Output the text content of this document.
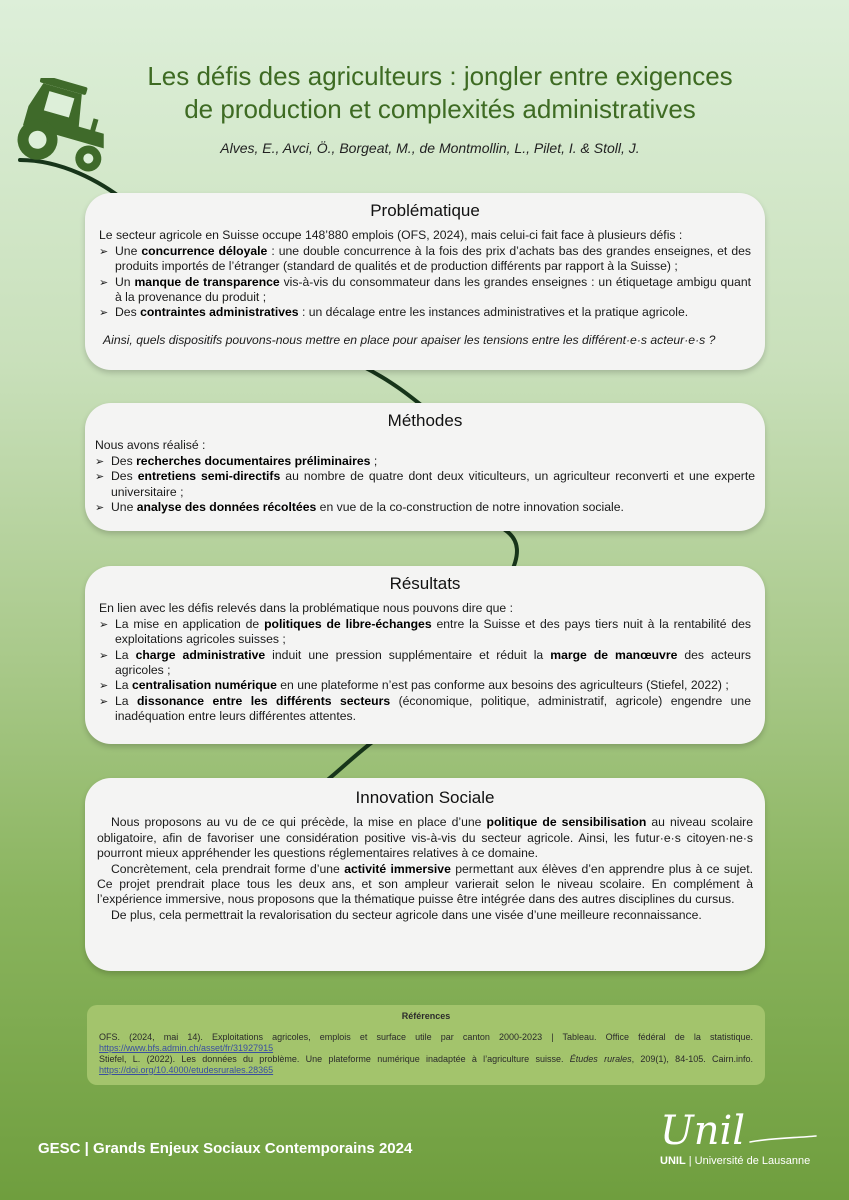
Les défis des agriculteurs : jongler entre exigences
de production et complexités administratives
Alves, E., Avci, Ö., Borgeat, M., de Montmollin, L., Pilet, I. & Stoll, J.
Problématique

Le secteur agricole en Suisse occupe 148’880 emplois (OFS, 2024), mais celui-ci fait face à plusieurs défis :

➢ Une concurrence déloyale : une double concurrence à la fois des prix d’achats bas des grandes enseignes, et des produits importés de l’étranger (standard de qualités et de production différents par rapport à la Suisse) ;
➢ Un manque de transparence vis-à-vis du consommateur dans les grandes enseignes : un étiquetage ambigu quant à la provenance du produit ;
➢ Des contraintes administratives : un décalage entre les instances administratives et la pratique agricole.

Ainsi, quels dispositifs pouvons-nous mettre en place pour apaiser les tensions entre les différent·e·s acteur·e·s ?

Méthodes

Nous avons réalisé :

➢ Des recherches documentaires préliminaires ;
➢ Des entretiens semi-directifs au nombre de quatre dont deux viticulteurs, un agriculteur reconverti et une experte universitaire ;
➢ Une analyse des données récoltées en vue de la co-construction de notre innovation sociale.
Résultats

En lien avec les défis relevés dans la problématique nous pouvons dire que :

➢ La mise en application de politiques de libre-échanges entre la Suisse et des pays tiers nuit à la rentabilité des exploitations agricoles suisses ;
➢ La charge administrative induit une pression supplémentaire et réduit la marge de manœuvre des acteurs agricoles ;
➢ La centralisation numérique en une plateforme n’est pas conforme aux besoins des agriculteurs (Stiefel, 2022) ;
➢ La dissonance entre les différents secteurs (économique, politique, administratif, agricole) engendre une inadéquation entre leurs différentes attentes.
Innovation Sociale

Nous proposons au vu de ce qui précède, la mise en place d’une politique de sensibilisation au niveau scolaire obligatoire, afin de favoriser une considération positive vis-à-vis du secteur agricole. Ainsi, les futur·e·s citoyen·ne·s pourront mieux appréhender les questions réglementaires relatives à ce domaine.

Concrètement, cela prendrait forme d’une activité immersive permettant aux élèves d’en apprendre plus à ce sujet. Ce projet prendrait place tous les deux ans, et son ampleur varierait selon le niveau scolaire. En complément à l’expérience immersive, nous proposons que la thématique puisse être intégrée dans des autres disciplines du cursus.

De plus, cela permettrait la revalorisation du secteur agricole dans une visée d’une meilleure reconnaissance.

Références

OFS. (2024, mai 14). Exploitations agricoles, emplois et surface utile par canton 2000-2023 | Tableau. Office fédéral de la statistique. https://www.bfs.admin.ch/asset/fr/31927915

Stiefel, L. (2022). Les données du problème. Une plateforme numérique inadaptée à l’agriculture suisse. Études rurales, 209(1), 84-105. Cairn.info. https://doi.org/10.4000/etudesrurales.28365

GESC | Grands Enjeux Sociaux Contemporains 2024	Unil
UNIL | Université de Lausanne
